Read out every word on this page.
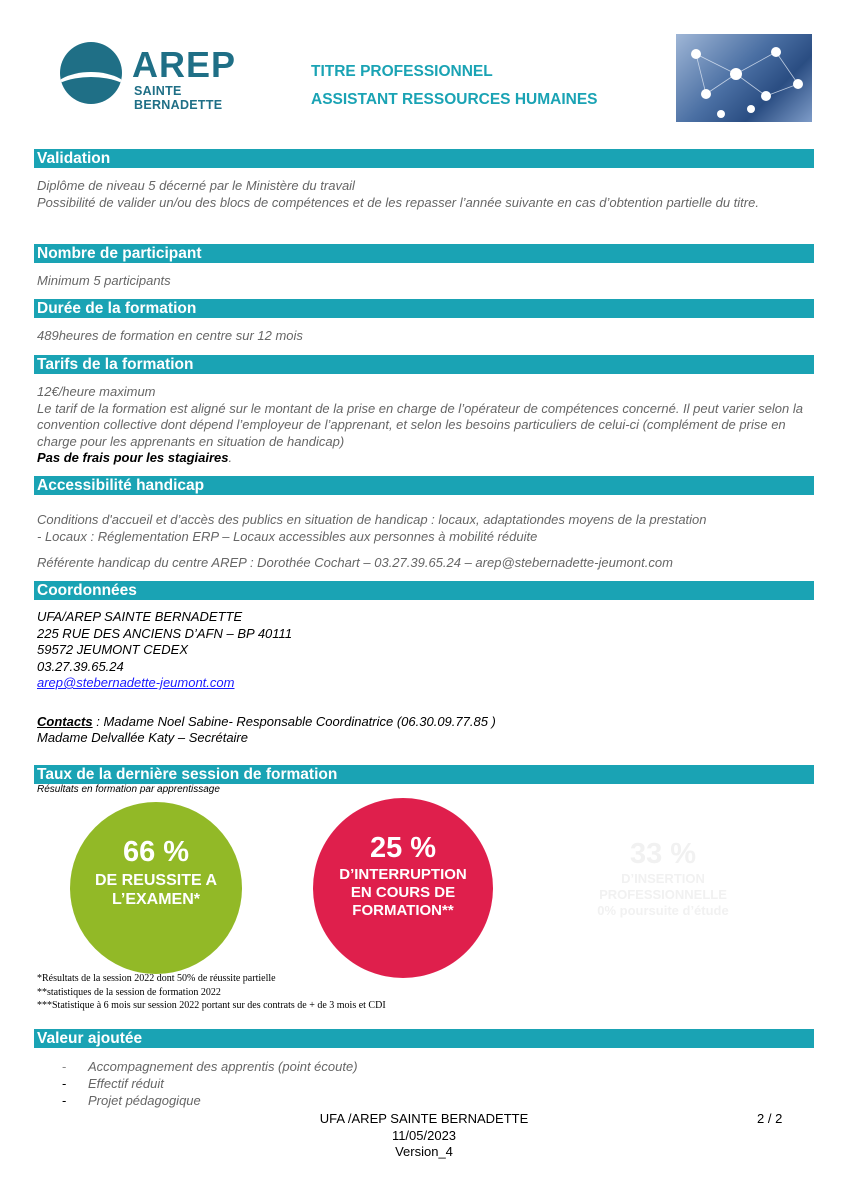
AREP
SAINTE BERNADETTE
TITRE PROFESSIONNEL
ASSISTANT RESSOURCES HUMAINES
Validation
Diplôme de niveau 5 décerné par le Ministère du travail
Possibilité de valider un/ou des blocs de compétences et de les repasser l’année suivante en cas d’obtention partielle du titre.
Nombre de participant
Minimum 5 participants
Durée de la formation
489heures de formation en centre sur 12 mois
Tarifs de la formation
12€/heure maximum
Le tarif de la formation est aligné sur le montant de la prise en charge de l’opérateur de compétences concerné. Il peut varier selon la convention collective dont dépend l’employeur de l’apprenant, et selon les besoins particuliers de celui-ci (complément de prise en charge pour les apprenants en situation de handicap)
Pas de frais pour les stagiaires.
Accessibilité handicap
Conditions d'accueil et d’accès des publics en situation de handicap : locaux, adaptationdes moyens de la prestation
- Locaux : Réglementation ERP – Locaux accessibles aux personnes à mobilité réduite
Référente handicap du centre AREP : Dorothée Cochart – 03.27.39.65.24 – arep@stebernadette-jeumont.com
Coordonnées
UFA/AREP SAINTE BERNADETTE
225 RUE DES ANCIENS D’AFN – BP 40111
59572 JEUMONT CEDEX
03.27.39.65.24
arep@stebernadette-jeumont.com
Contacts : Madame Noel Sabine- Responsable Coordinatrice (06.30.09.77.85 )
Madame Delvallée Katy – Secrétaire
Taux de la dernière session de formation
Résultats en formation par apprentissage
66 %
DE REUSSITE A
L’EXAMEN*
25 %
D’INTERRUPTION
EN COURS DE
FORMATION**
33 %
D’INSERTION
PROFESSIONNELLE
0% poursuite d’étude
*Résultats de la session 2022 dont 50% de réussite partielle
**statistiques de la session de formation 2022
***Statistique à 6 mois sur session 2022 portant sur des contrats de + de 3 mois et CDI
Valeur ajoutée
- Accompagnement des apprentis (point écoute)
- Effectif réduit
- Projet pédagogique
UFA /AREP SAINTE BERNADETTE
11/05/2023
Version_4
2 / 2
